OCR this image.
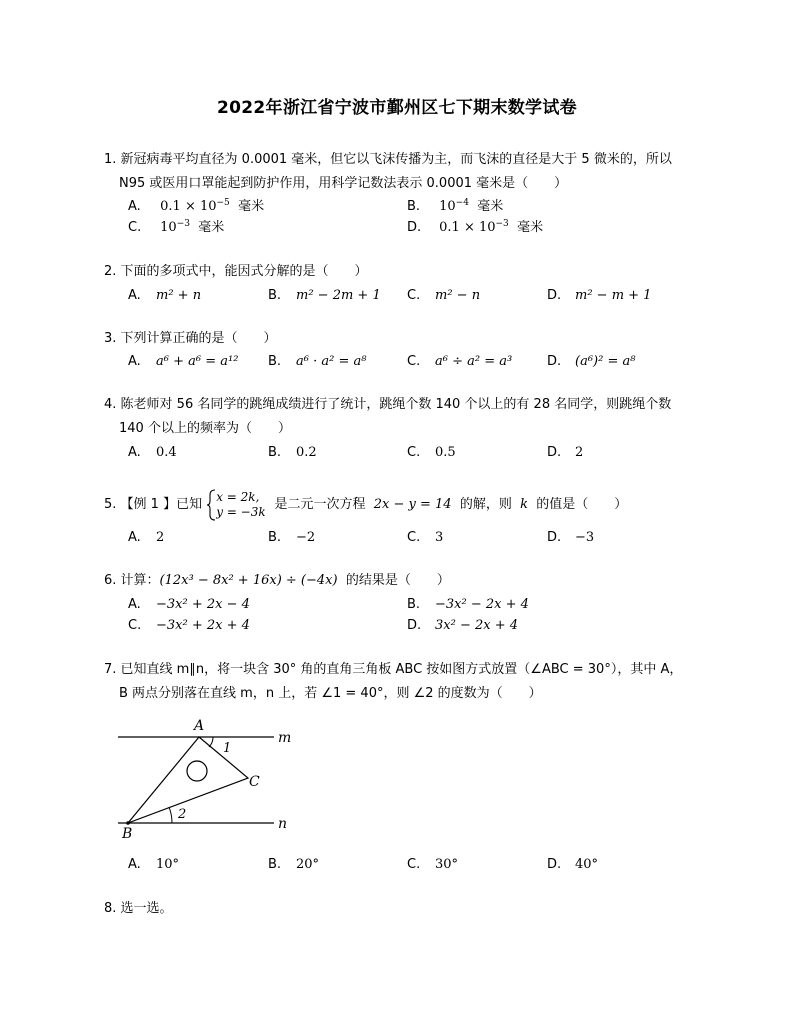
2022年浙江省宁波市鄞州区七下期末数学试卷
1. 新冠病毒平均直径为 0.0001 毫米，但它以飞沫传播为主，而飞沫的直径是大于 5 微米的，所以
N95 或医用口罩能起到防护作用，用科学记数法表示 0.0001 毫米是（　　）
A. $0.1 \times 10^{-5}$ 毫米	B. $10^{-4}$ 毫米
C. $10^{-3}$ 毫米	D. $0.1 \times 10^{-3}$ 毫米
2. 下面的多项式中，能因式分解的是（　　）
A. m² + n	B. m² − 2m + 1 C. m² − n	D. m² − m + 1
3. 下列计算正确的是（　　）
A. a⁶ + a⁶ = a¹² B. a⁶ · a² = a⁸	C. a⁶ ÷ a² = a³	D. (a⁶)² = a⁸
4. 陈老师对 56 名同学的跳绳成绩进行了统计，跳绳个数 140 个以上的有 28 名同学，则跳绳个数
140 个以上的频率为（　　）
A. 0.4	B. 0.2	C. 0.5	D. 2
5. 【例 1 】已知
x = 2k,
y = −3k 是二元一次方程 2x − y = 14 的解，则 k 的值是（　　）
A. 2	B. −2	C. 3	D. −3
6. 计算：(12x³ − 8x² + 16x) ÷ (−4x) 的结果是（　　）
A. −3x² + 2x − 4	B. −3x² − 2x + 4
C. −3x² + 2x + 4	D. 3x² − 2x + 4
7. 已知直线 m∥n，将一块含 30° 角的直角三角板 ABC 按如图方式放置（∠ABC = 30°），其中 A，
B 两点分别落在直线 m，n 上，若 ∠1 = 40°，则 ∠2 的度数为（　　）
A
B
C
m
n
1
2
A. 10°	B. 20°	C. 30°	D. 40°
8. 选一选。
